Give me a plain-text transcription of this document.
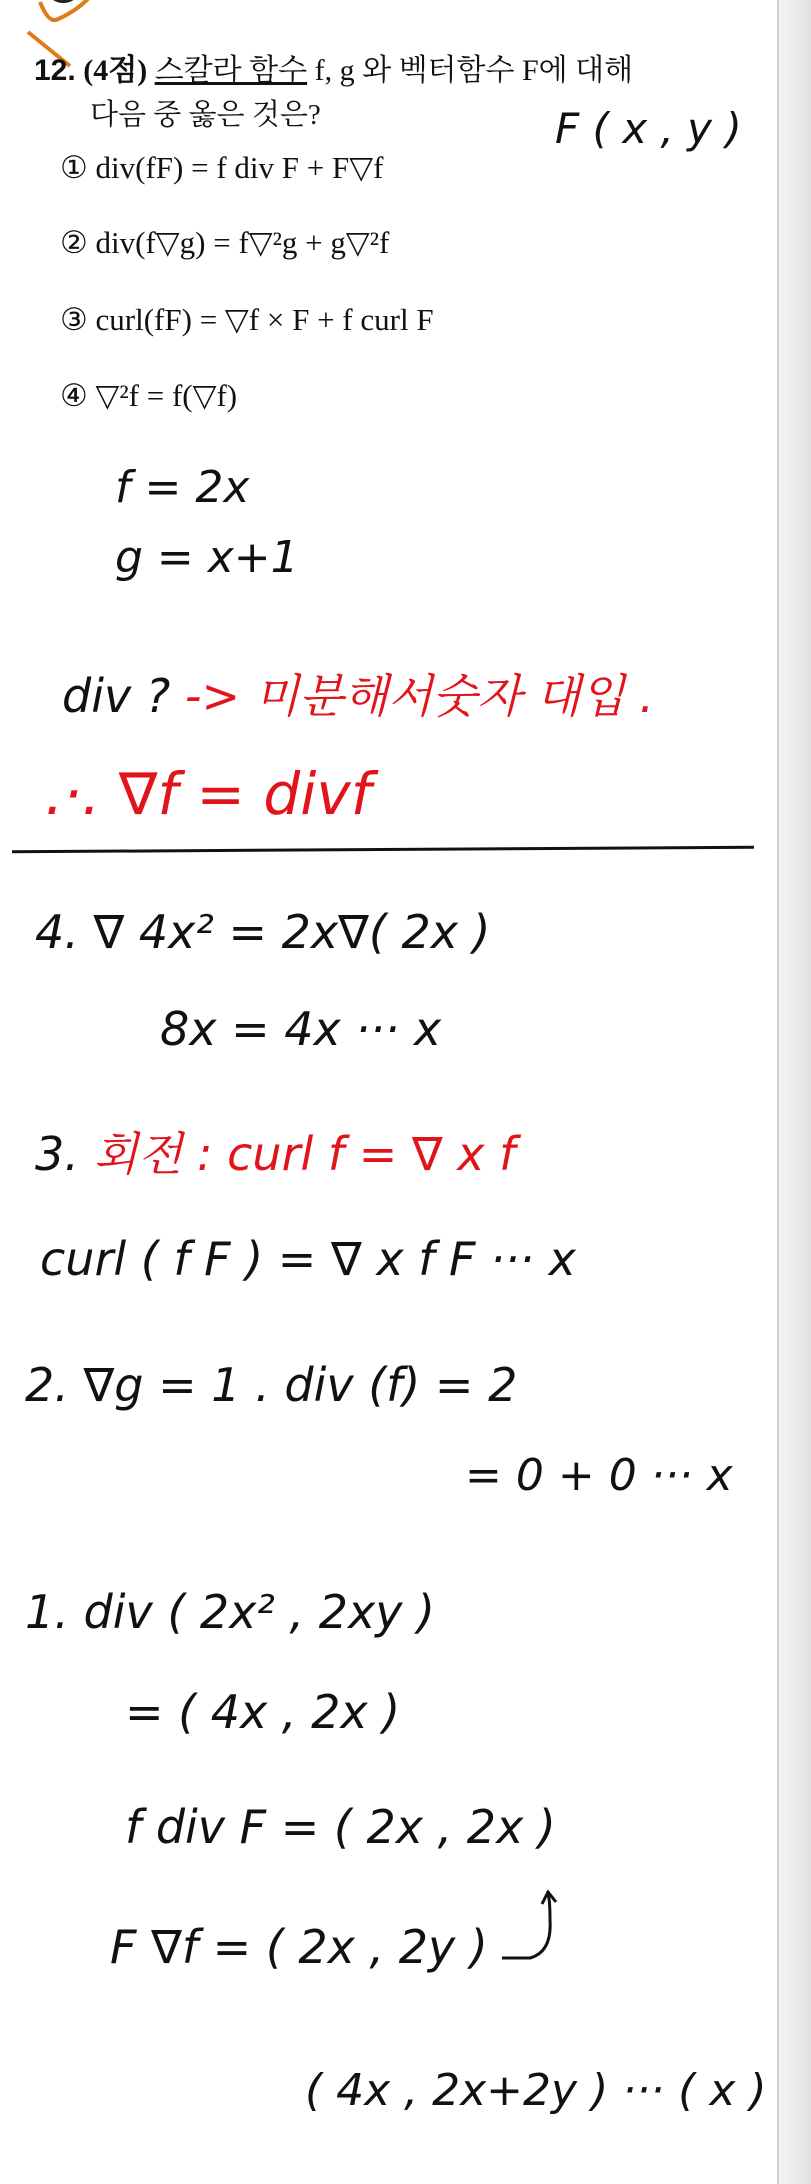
12. (4점) 스칼라 함수 f, g 와 벡터함수 F에 대해
다음 중 옳은 것은?	F ( x , y )
① div(fF) = f div F + F▽f
② div(f▽g) = f▽²g + g▽²f
③ curl(fF) = ▽f × F + f curl F
④ ▽²f = f(▽f)
f = 2x
g = x+1
div ? -> 미분해서숫자 대입 .
.·. ∇f = divf
4. ∇ 4x² = 2x∇( 2x )
8x = 4x ··· x
3. 회전 : curl f = ∇ x f
curl ( f F ) = ∇ x f F ··· x
2. ∇g = 1 . div (f) = 2
= 0 + 0 ··· x
1. div ( 2x² , 2xy )
= ( 4x , 2x )
f div F = ( 2x , 2x )
F ∇f = ( 2x , 2y )
( 4x , 2x+2y ) ··· ( x )
